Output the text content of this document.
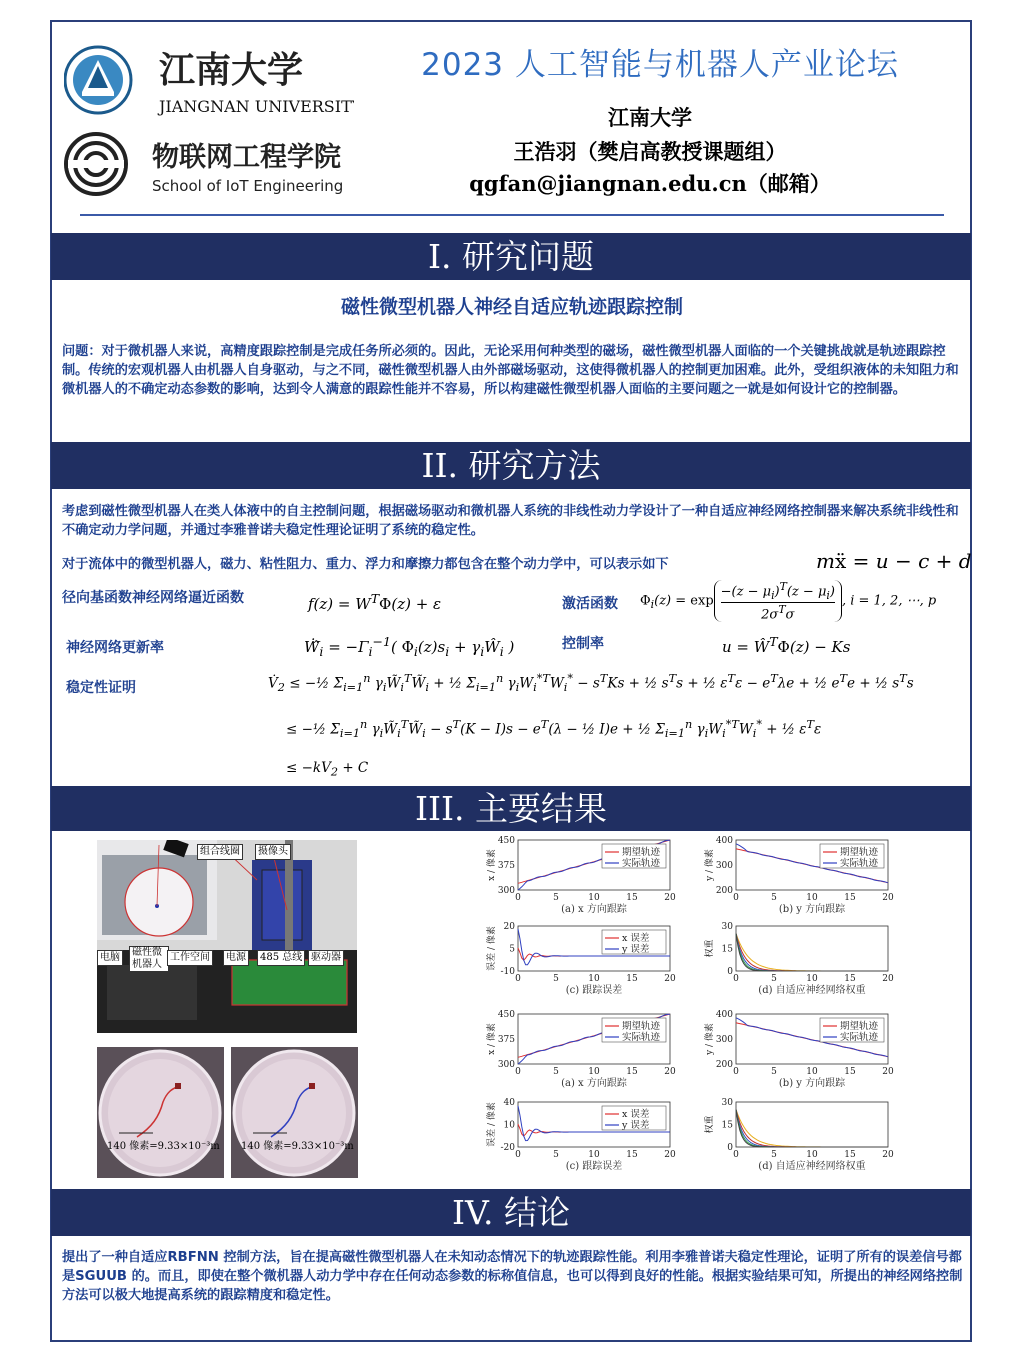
江南大学
JIANGNAN UNIVERSITY
物联网工程学院
School of IoT Engineering
2023 人工智能与机器人产业论坛
江南大学
王浩羽（樊启高教授课题组）
qgfan@jiangnan.edu.cn（邮箱）
I. 研究问题
磁性微型机器人神经自适应轨迹跟踪控制
问题：对于微机器人来说，高精度跟踪控制是完成任务所必须的。因此，无论采用何种类型的磁场，磁性微型机器人面临的一个关键挑战就是轨迹跟踪控制。传统的宏观机器人由机器人自身驱动，与之不同，磁性微型机器人由外部磁场驱动，这使得微机器人的控制更加困难。此外，受组织液体的未知阻力和微机器人的不确定动态参数的影响，达到令人满意的跟踪性能并不容易，所以构建磁性微型机器人面临的主要问题之一就是如何设计它的控制器。
II. 研究方法
考虑到磁性微型机器人在类人体液中的自主控制问题，根据磁场驱动和微机器人系统的非线性动力学设计了一种自适应神经网络控制器来解决系统非线性和不确定动力学问题，并通过李雅普诺夫稳定性理论证明了系统的稳定性。
对于流体中的微型机器人，磁力、粘性阻力、重力、浮力和摩擦力都包含在整个动力学中，可以表示如下	mẍ = u − c + d
径向基函数神经网络逼近函数	$f(z) = W^T\Phi(z) + \varepsilon$	激活函数 $\Phi_i(z) = \exp$
$-(z - \mu_i)^T(z - \mu_i)$
$2\sigma^T\sigma$
, i = 1, 2, ⋯, p
神经网络更新率	$Ẇ̂_i = -\Gamma_i^{-1}$( $\Phi_i(z)s_i$ + $\gamma_iŴ_i$ )	控制率	$u = Ŵ^T\Phi(z) - Ks$
稳定性证明	$V̇_2$ ≤ −½ $\Sigma_{i=1}^n$ $\gamma_iW̃_i^TW̃_i$ + ½ $\Sigma_{i=1}^n$ $\gamma_iW_i^{*T}W_i^* - s^TKs$ + ½ $s^Ts$ + ½ $\varepsilon^T\varepsilon - e^T\lambda e$ + ½ $e^Te$ + ½ $s^Ts$
≤ −½ $\Sigma_{i=1}^n$ $\gamma_iW̃_i^TW̃_i - s^T(K - I)s - e^T(\lambda$ − ½ I)e + ½ $\Sigma_{i=1}^n$ $\gamma_iW_i^{*T}W_i^*$ + ½ $\varepsilon^T\varepsilon$
≤ $-kV_2 + C$
III. 主要结果
组合线圈	摄像头
电脑	磁性微机器人
工作空间	电源	485 总线 驱动器
140 像素=9.33×10⁻³m 140 像素=9.33×10⁻³m
0	5	10	15	20
300
375
450
x / 像素
(a) x 方向跟踪
期望轨迹
实际轨迹
0	5	10	15	20
200
300
400
y / 像素
(b) y 方向跟踪
期望轨迹
实际轨迹
0	5	10	15	20
-10
5
20
误差 / 像素
(c) 跟踪误差
x 误差
y 误差
0	5	10	15	20
0
15
30
权重
(d) 自适应神经网络权重
0	5	10	15	20
300
375
450
x / 像素
(a) x 方向跟踪
期望轨迹
实际轨迹
0	5	10	15	20
200
300
400
y / 像素
(b) y 方向跟踪
期望轨迹
实际轨迹
0	5	10	15	20
-20
10
40
误差 / 像素
(c) 跟踪误差
x 误差
y 误差
0	5	10	15	20
0
15
30
权重
(d) 自适应神经网络权重
IV. 结论
提出了一种自适应RBFNN 控制方法，旨在提高磁性微型机器人在未知动态情况下的轨迹跟踪性能。利用李雅普诺夫稳定性理论，证明了所有的误差信号都是SGUUB 的。而且，即使在整个微机器人动力学中存在任何动态参数的标称值信息，也可以得到良好的性能。根据实验结果可知，所提出的神经网络控制方法可以极大地提高系统的跟踪精度和稳定性。
